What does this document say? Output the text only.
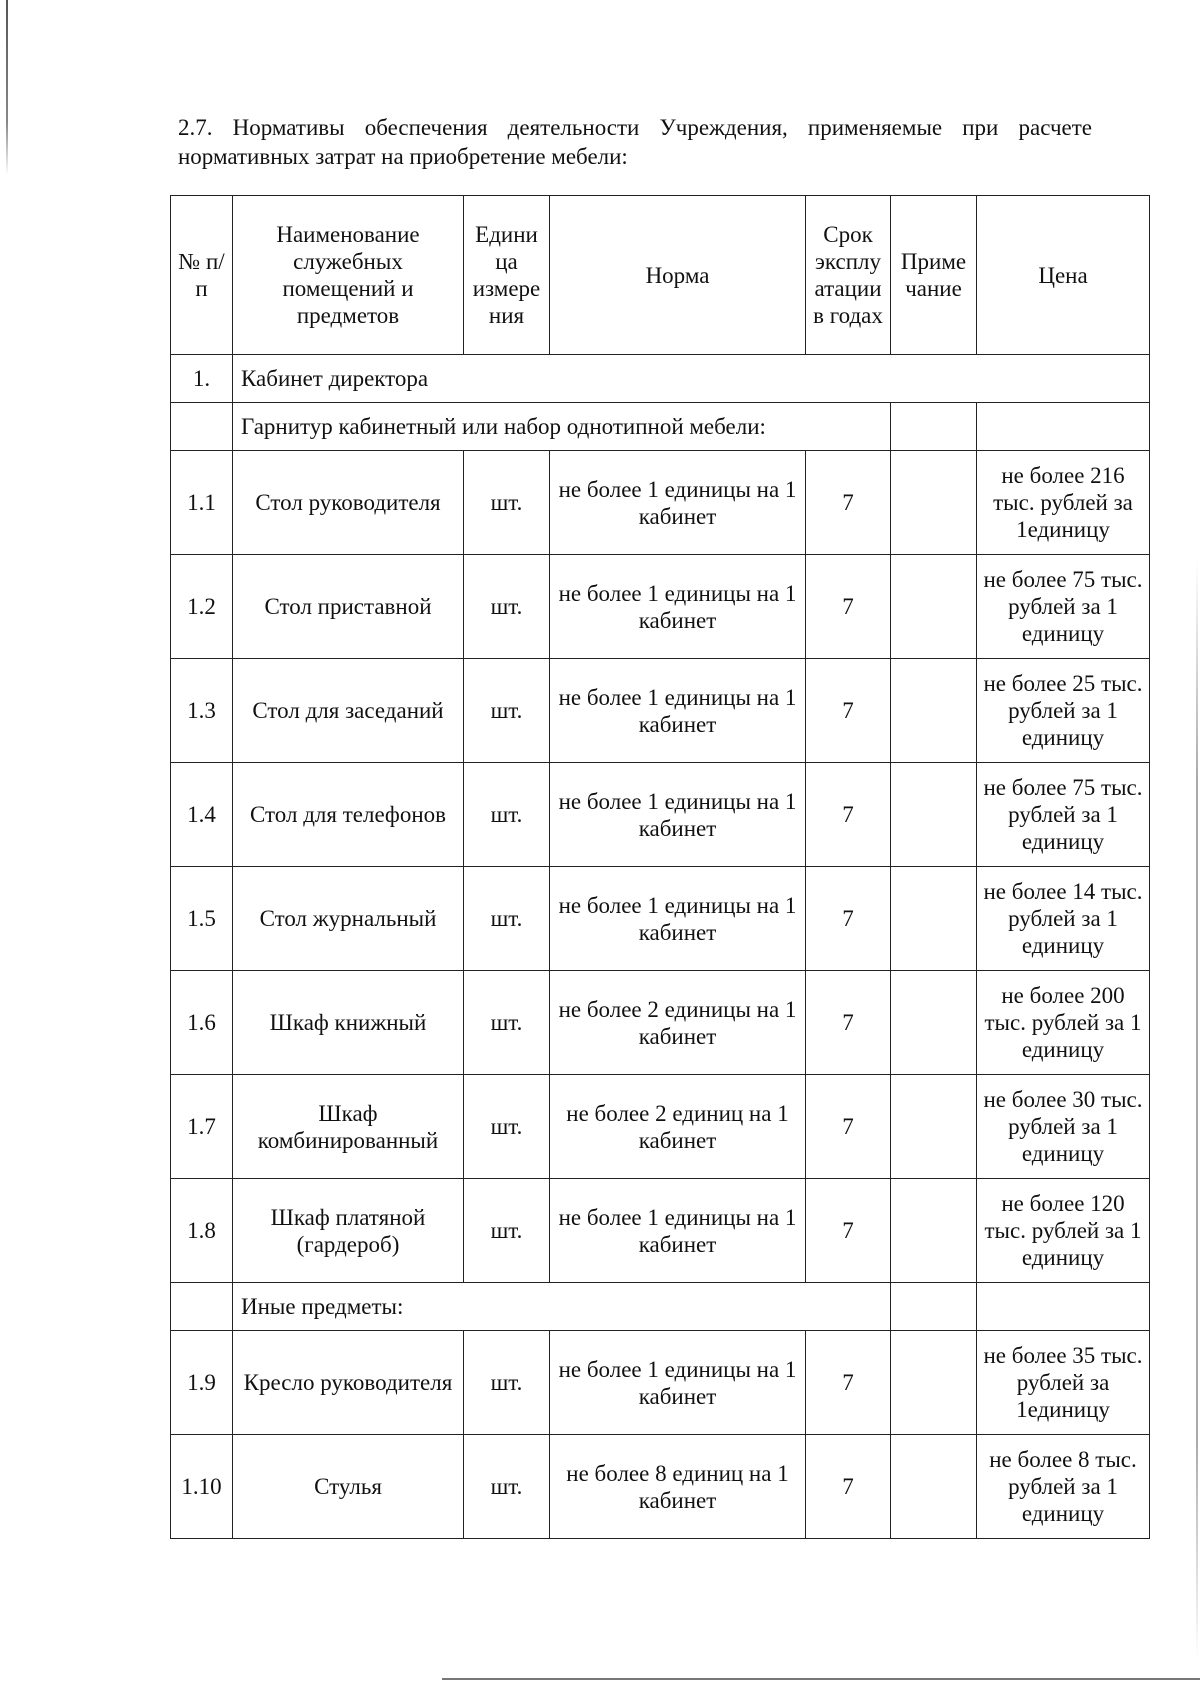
2.7. Нормативы обеспечения деятельности Учреждения, применяемые при расчете нормативных затрат на приобретение мебели:

№ п/п	Наименование служебных помещений и предметов	Едини ца измере ния	Норма	Срок эксплу атации в годах	Приме чание	Цена
1.	Кабинет директора					
	Гарнитур кабинетный или набор однотипной мебели:					
1.1	Стол руководителя	шт.	не более 1 единицы на 1 кабинет	7		не более 216 тыс. рублей за 1единицу
1.2	Стол приставной	шт.	не более 1 единицы на 1 кабинет	7		не более 75 тыс. рублей за 1 единицу
1.3	Стол для заседаний	шт.	не более 1 единицы на 1 кабинет	7		не более 25 тыс. рублей за 1 единицу
1.4	Стол для телефонов	шт.	не более 1 единицы на 1 кабинет	7		не более 75 тыс. рублей за 1 единицу
1.5	Стол журнальный	шт.	не более 1 единицы на 1 кабинет	7		не более 14 тыс. рублей за 1 единицу
1.6	Шкаф книжный	шт.	не более 2 единицы на 1 кабинет	7		не более 200 тыс. рублей за 1 единицу
1.7	Шкаф комбинированный	шт.	не более 2 единиц на 1 кабинет	7		не более 30 тыс. рублей за 1 единицу
1.8	Шкаф платяной (гардероб)	шт.	не более 1 единицы на 1 кабинет	7		не более 120 тыс. рублей за 1 единицу
	Иные предметы:					
1.9	Кресло руководителя	шт.	не более 1 единицы на 1 кабинет	7		не более 35 тыс. рублей за 1единицу
1.10	Стулья	шт.	не более 8 единиц на 1 кабинет	7		не более 8 тыс. рублей за 1 единицу
